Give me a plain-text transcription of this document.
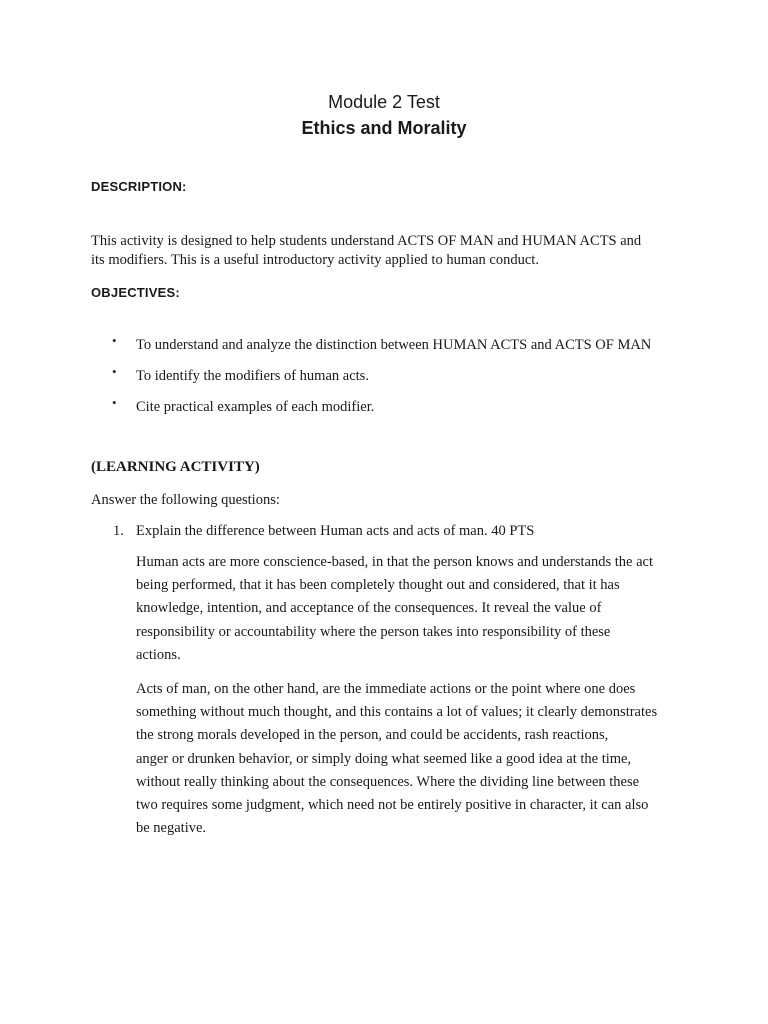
Module 2 Test
Ethics and Morality
DESCRIPTION:
This activity is designed to help students understand ACTS OF MAN and HUMAN ACTS and
its modifiers. This is a useful introductory activity applied to human conduct.
OBJECTIVES:
• To understand and analyze the distinction between HUMAN ACTS and ACTS OF MAN
• To identify the modifiers of human acts.
• Cite practical examples of each modifier.
(LEARNING ACTIVITY)
Answer the following questions:
1. Explain the difference between Human acts and acts of man. 40 PTS
Human acts are more conscience-based, in that the person knows and understands the act
being performed, that it has been completely thought out and considered, that it has
knowledge, intention, and acceptance of the consequences. It reveal the value of
responsibility or accountability where the person takes into responsibility of these
actions.
Acts of man, on the other hand, are the immediate actions or the point where one does
something without much thought, and this contains a lot of values; it clearly demonstrates
the strong morals developed in the person, and could be accidents, rash reactions,
anger or drunken behavior, or simply doing what seemed like a good idea at the time,
without really thinking about the consequences. Where the dividing line between these
two requires some judgment, which need not be entirely positive in character, it can also
be negative.
